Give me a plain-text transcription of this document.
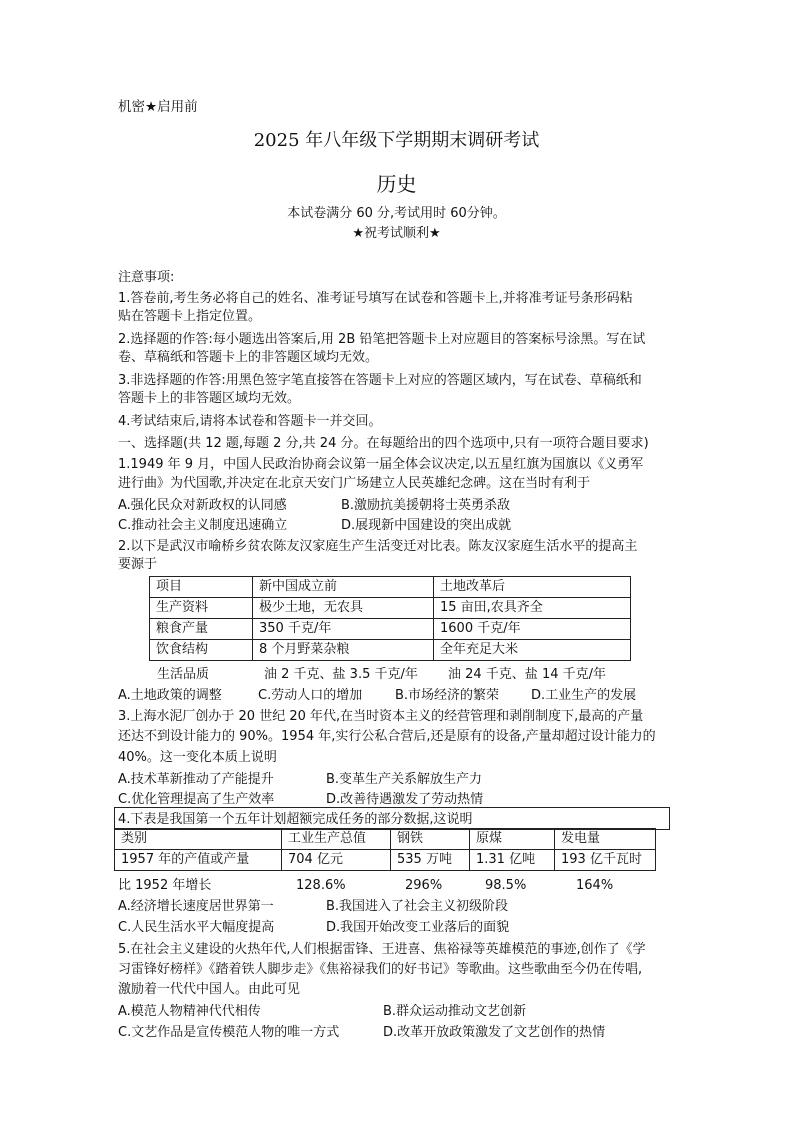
机密★启用前
2025 年八年级下学期期末调研考试
历史
本试卷满分 60 分,考试用时 60分钟。
★祝考试顺利★
注意事项:
1.答卷前,考生务必将自己的姓名、准考证号填写在试卷和答题卡上,并将准考证号条形码粘
贴在答题卡上指定位置。
2.选择题的作答:每小题选出答案后,用 2B 铅笔把答题卡上对应题目的答案标号涂黑。写在试
卷、草稿纸和答题卡上的非答题区域均无效。
3.非选择题的作答:用黑色签字笔直接答在答题卡上对应的答题区域内，写在试卷、草稿纸和
答题卡上的非答题区域均无效。
4.考试结束后,请将本试卷和答题卡一并交回。
一、选择题(共 12 题,每题 2 分,共 24 分。在每题给出的四个选项中,只有一项符合题目要求)
1.1949 年 9 月，中国人民政治协商会议第一届全体会议决定,以五星红旗为国旗以《义勇军
进行曲》为代国歌,并决定在北京天安门广场建立人民英雄纪念碑。这在当时有利于
A.强化民众对新政权的认同感	B.激励抗美援朝将士英勇杀敌
C.推动社会主义制度迅速确立	D.展现新中国建设的突出成就
2.以下是武汉市喻桥乡贫农陈友汉家庭生产生活变迁对比表。陈友汉家庭生活水平的提高主
要源于
项目	新中国成立前	土地改革后
生产资料	极少土地，无农具	15 亩田,农具齐全
粮食产量	350 千克/年	1600 千克/年
饮食结构	8 个月野菜杂粮	全年充足大米
生活品质	油 2 千克、盐 3.5 千克/年 油 24 千克、盐 14 千克/年
A.土地政策的调整	C.劳动人口的增加	B.市场经济的繁荣 D.工业生产的发展
3.上海水泥厂创办于 20 世纪 20 年代,在当时资本主义的经营管理和剥削制度下,最高的产量
还达不到设计能力的 90%。1954 年,实行公私合营后,还是原有的设备,产量却超过设计能力的
40%。这一变化本质上说明
A.技术革新推动了产能提升	B.变革生产关系解放生产力
C.优化管理提高了生产效率	D.改善待遇激发了劳动热情
4.下表是我国第一个五年计划超额完成任务的部分数据,这说明
类别	工业生产总值	钢铁	原煤	发电量
1957 年的产值或产量	704 亿元	535 万吨	1.31 亿吨	193 亿千瓦时
比 1952 年增长	128.6%	296%	98.5%	164%
A.经济增长速度居世界第一	B.我国进入了社会主义初级阶段
C.人民生活水平大幅度提高	D.我国开始改变工业落后的面貌
5.在社会主义建设的火热年代,人们根据雷锋、王进喜、焦裕禄等英雄模范的事迹,创作了《学
习雷锋好榜样》《踏着铁人脚步走》《焦裕禄我们的好书记》等歌曲。这些歌曲至今仍在传唱,
激励着一代代中国人。由此可见
A.模范人物精神代代相传	B.群众运动推动文艺创新
C.文艺作品是宣传模范人物的唯一方式	D.改革开放政策激发了文艺创作的热情
